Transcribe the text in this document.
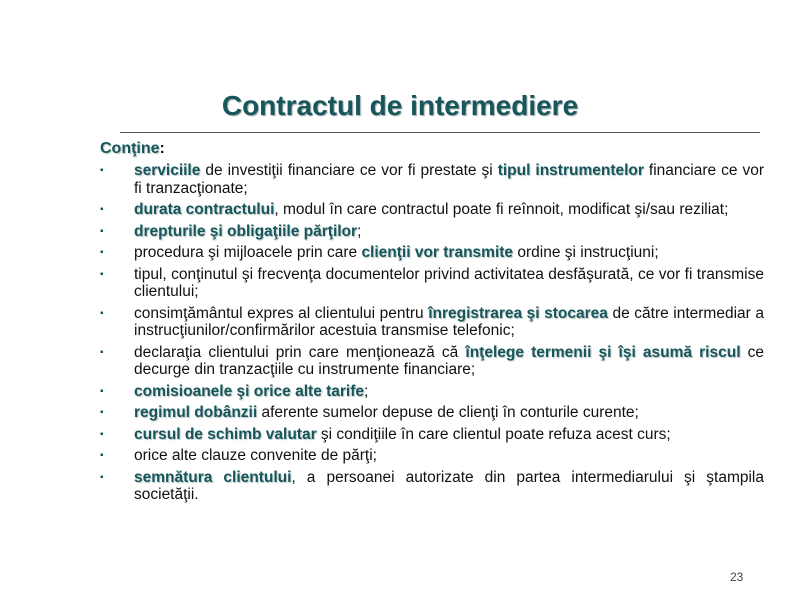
Contractul de intermediere
Conţine:
▪ serviciile de investiţii financiare ce vor fi prestate şi tipul instrumentelor financiare ce vor fi tranzacţionate;
▪ durata contractului, modul în care contractul poate fi reînnoit, modificat şi/sau reziliat;
▪ drepturile şi obligaţiile părţilor;
▪ procedura şi mijloacele prin care clienţii vor transmite ordine şi instrucţiuni;
▪ tipul, conţinutul şi frecvenţa documentelor privind activitatea desfăşurată, ce vor fi transmise clientului;
▪ consimţământul expres al clientului pentru înregistrarea şi stocarea de către intermediar a instrucţiunilor/confirmărilor acestuia transmise telefonic;
▪ declaraţia clientului prin care menţionează că înţelege termenii şi îşi asumă riscul ce decurge din tranzacţiile cu instrumente financiare;
▪ comisioanele şi orice alte tarife;
▪ regimul dobânzii aferente sumelor depuse de clienţi în conturile curente;
▪ cursul de schimb valutar şi condiţiile în care clientul poate refuza acest curs;
▪ orice alte clauze convenite de părţi;
▪ semnătura clientului, a persoanei autorizate din partea intermediarului şi ştampila societăţii.
23
